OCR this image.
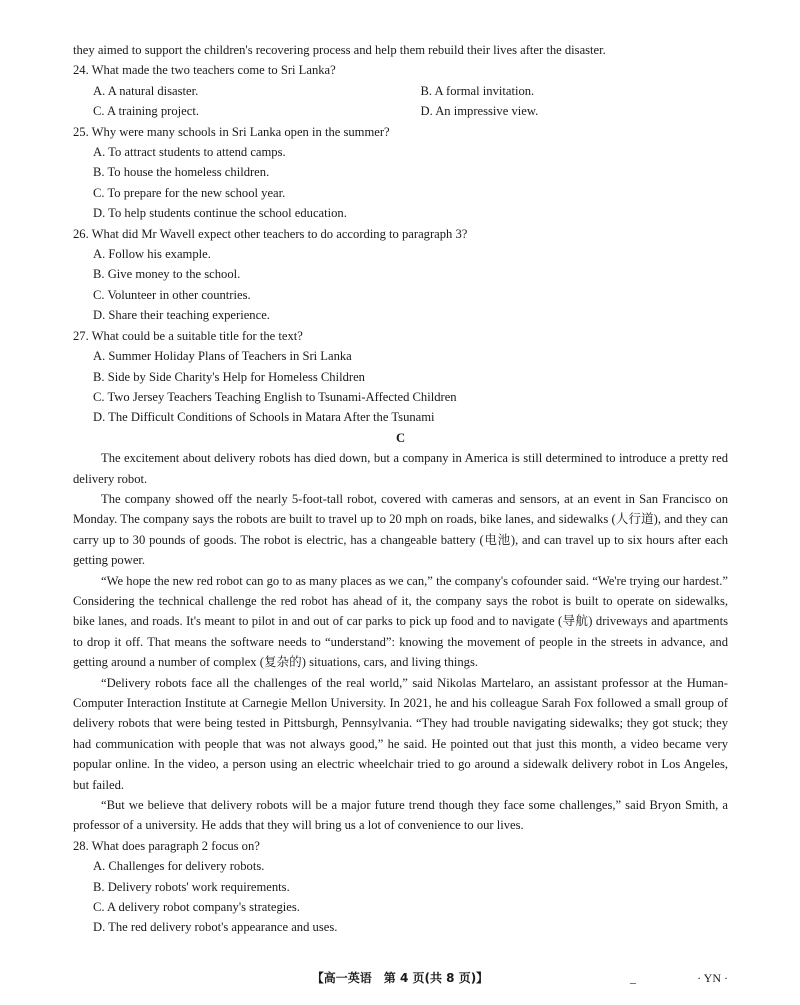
they aimed to support the children's recovering process and help them rebuild their lives after the disaster.
24. What made the two teachers come to Sri Lanka?
A. A natural disaster.	B. A formal invitation.
C. A training project.	D. An impressive view.
25. Why were many schools in Sri Lanka open in the summer?
A. To attract students to attend camps.
B. To house the homeless children.
C. To prepare for the new school year.
D. To help students continue the school education.
26. What did Mr Wavell expect other teachers to do according to paragraph 3?
A. Follow his example.
B. Give money to the school.
C. Volunteer in other countries.
D. Share their teaching experience.
27. What could be a suitable title for the text?
A. Summer Holiday Plans of Teachers in Sri Lanka
B. Side by Side Charity's Help for Homeless Children
C. Two Jersey Teachers Teaching English to Tsunami-Affected Children
D. The Difficult Conditions of Schools in Matara After the Tsunami
C

The excitement about delivery robots has died down, but a company in America is still determined to introduce a pretty red delivery robot.

The company showed off the nearly 5-foot-tall robot, covered with cameras and sensors, at an event in San Francisco on Monday. The company says the robots are built to travel up to 20 mph on roads, bike lanes, and sidewalks (人行道), and they can carry up to 30 pounds of goods. The robot is electric, has a changeable battery (电池), and can travel up to six hours after each getting power.

“We hope the new red robot can go to as many places as we can,” the company's cofounder said. “We're trying our hardest.” Considering the technical challenge the red robot has ahead of it, the company says the robot is built to operate on sidewalks, bike lanes, and roads. It's meant to pilot in and out of car parks to pick up food and to navigate (导航) driveways and apartments to drop it off. That means the software needs to “understand”: knowing the movement of people in the streets in advance, and getting around a number of complex (复杂的) situations, cars, and living things.

“Delivery robots face all the challenges of the real world,” said Nikolas Martelaro, an assistant professor at the Human-Computer Interaction Institute at Carnegie Mellon University. In 2021, he and his colleague Sarah Fox followed a small group of delivery robots that were being tested in Pittsburgh, Pennsylvania. “They had trouble navigating sidewalks; they got stuck; they had communication with people that was not always good,” he said. He pointed out that just this month, a video became very popular online. In the video, a person using an electric wheelchair tried to go around a sidewalk delivery robot in Los Angeles, but failed.

“But we believe that delivery robots will be a major future trend though they face some challenges,” said Bryon Smith, a professor of a university. He adds that they will bring us a lot of convenience to our lives.

28. What does paragraph 2 focus on?
A. Challenges for delivery robots.
B. Delivery robots' work requirements.
C. A delivery robot company's strategies.
D. The red delivery robot's appearance and uses.
【高一英语　第 4 页(共 8 页)】	_	· YN ·
